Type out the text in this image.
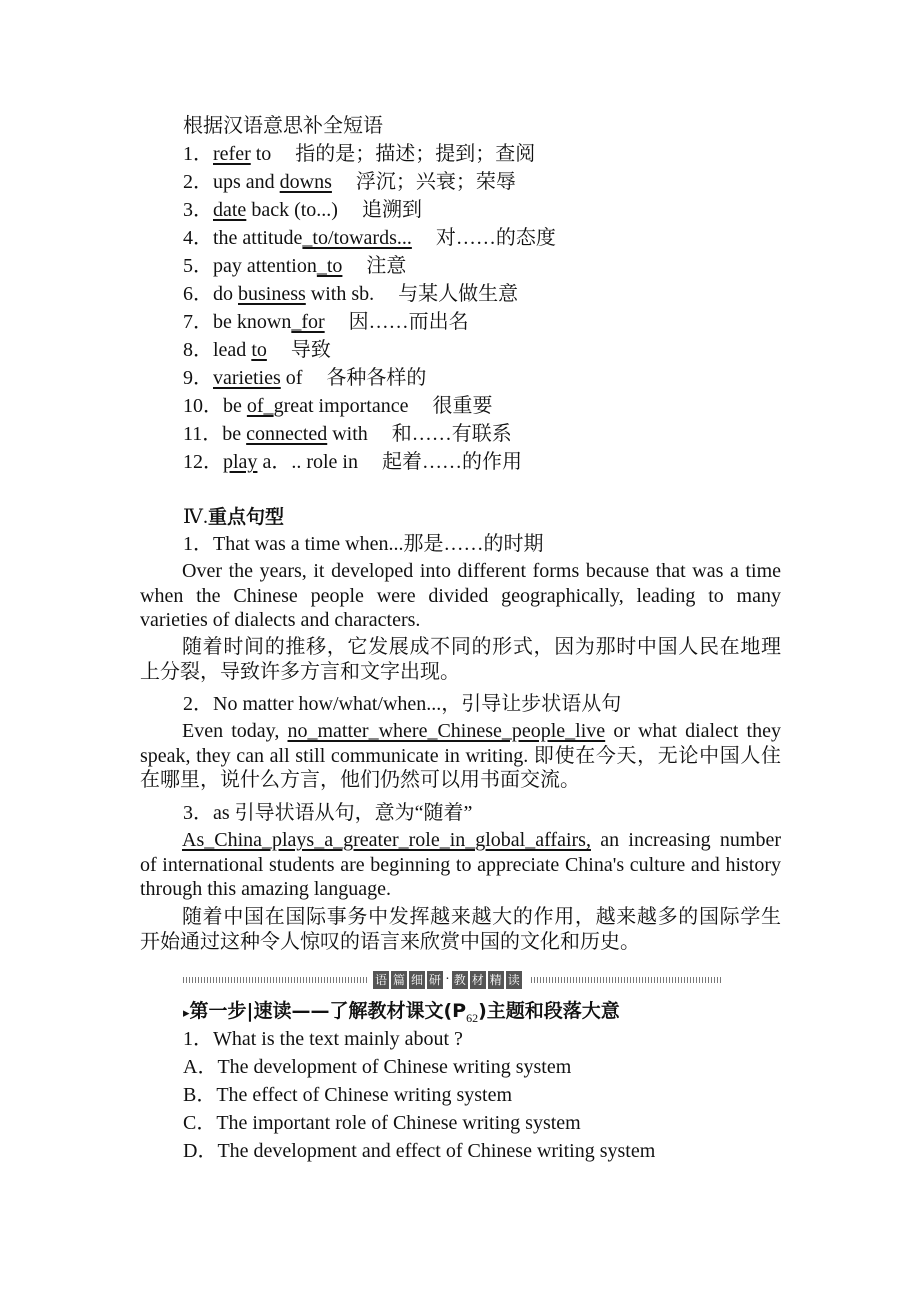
根据汉语意思补全短语
1．refer to 指的是；描述；提到；查阅
2．ups and downs 浮沉；兴衰；荣辱
3．date back (to...) 追溯到
4．the attitude_to/towards... 对……的态度
5．pay attention_to 注意
6．do business with sb. 与某人做生意
7．be known_for 因……而出名
8．lead to 导致
9．varieties of 各种各样的
10．be of_great importance 很重要
11．be connected with 和……有联系
12．play a．.. role in 起着……的作用
Ⅳ.重点句型
1．That was a time when...那是……的时期
Over the years, it developed into different forms because that was a time when the Chinese people were divided geographically, leading to many varieties of dialects and characters.
随着时间的推移，它发展成不同的形式，因为那时中国人民在地理上分裂，导致许多方言和文字出现。
2．No matter how/what/when...，引导让步状语从句
Even today, no_matter_where_Chinese_people_live or what dialect they speak, they can all still communicate in writing. 即使在今天，无论中国人住在哪里，说什么方言，他们仍然可以用书面交流。
3．as 引导状语从句，意为“随着”
As_China_plays_a_greater_role_in_global_affairs, an increasing number of international students are beginning to appreciate China's culture and history through this amazing language.
随着中国在国际事务中发挥越来越大的作用，越来越多的国际学生开始通过这种令人惊叹的语言来欣赏中国的文化和历史。
语 篇 细 研 · 教 材 精 读
▸第一步|速读——了解教材课文$(P_{62})$主题和段落大意
1．What is the text mainly about ?
A．The development of Chinese writing system
B．The effect of Chinese writing system
C．The important role of Chinese writing system
D．The development and effect of Chinese writing system
